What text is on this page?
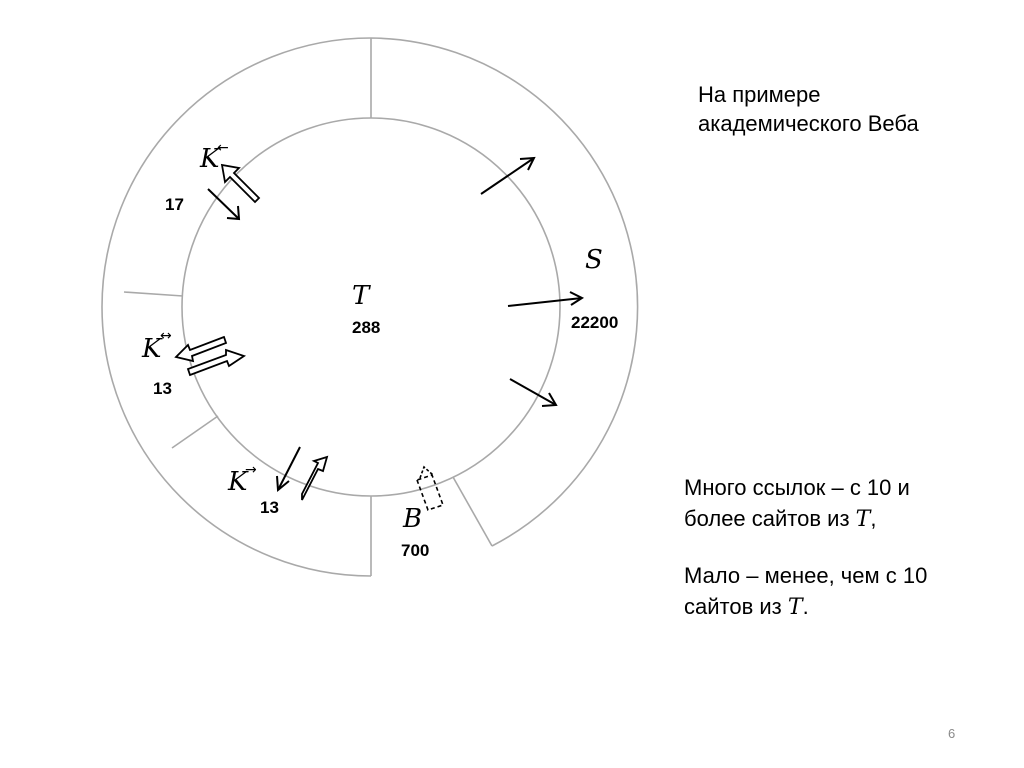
T
288
S
22200
B
700
K
←
17
K
↔
13
K
→
13

На примере
академического Веба

Много ссылок – с 10 и
более сайтов из T,

Мало – менее, чем с 10
сайтов из T.

6
